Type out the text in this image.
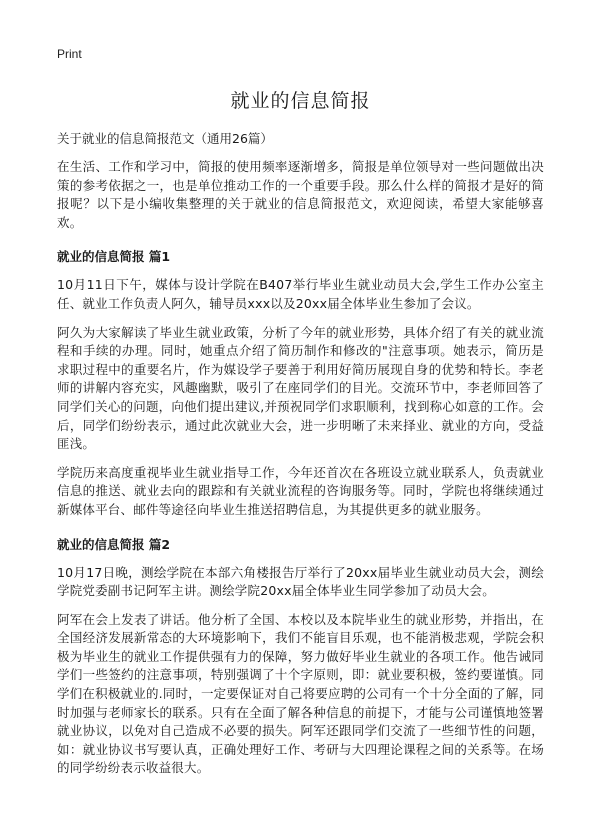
Print
就业的信息简报
关于就业的信息简报范文（通用26篇）

在生活、工作和学习中，简报的使用频率逐渐增多，简报是单位领导对一些问题做出决策的参考依据之一，也是单位推动工作的一个重要手段。那么什么样的简报才是好的简报呢？以下是小编收集整理的关于就业的信息简报范文，欢迎阅读，希望大家能够喜欢。

就业的信息简报 篇1

10月11日下午，媒体与设计学院在B407举行毕业生就业动员大会,学生工作办公室主任、就业工作负责人阿久，辅导员xxx以及20xx届全体毕业生参加了会议。

阿久为大家解读了毕业生就业政策，分析了今年的就业形势，具体介绍了有关的就业流程和手续的办理。同时，她重点介绍了简历制作和修改的"注意事项。她表示，简历是求职过程中的重要名片，作为媒设学子要善于利用好简历展现自身的优势和特长。李老师的讲解内容充实，风趣幽默，吸引了在座同学们的目光。交流环节中，李老师回答了同学们关心的问题，向他们提出建议,并预祝同学们求职顺利，找到称心如意的工作。会后，同学们纷纷表示，通过此次就业大会，进一步明晰了未来择业、就业的方向，受益匪浅。

学院历来高度重视毕业生就业指导工作，今年还首次在各班设立就业联系人，负责就业信息的推送、就业去向的跟踪和有关就业流程的咨询服务等。同时，学院也将继续通过新媒体平台、邮件等途径向毕业生推送招聘信息，为其提供更多的就业服务。

就业的信息简报 篇2

10月17日晚，测绘学院在本部六角楼报告厅举行了20xx届毕业生就业动员大会，测绘学院党委副书记阿军主讲。测绘学院20xx届全体毕业生同学参加了动员大会。

阿军在会上发表了讲话。他分析了全国、本校以及本院毕业生的就业形势，并指出，在全国经济发展新常态的大环境影响下，我们不能盲目乐观，也不能消极悲观，学院会积极为毕业生的就业工作提供强有力的保障，努力做好毕业生就业的各项工作。他告诫同学们一些签约的注意事项，特别强调了十个字原则，即：就业要积极，签约要谨慎。同学们在积极就业的.同时，一定要保证对自己将要应聘的公司有一个十分全面的了解，同时加强与老师家长的联系。只有在全面了解各种信息的前提下，才能与公司谨慎地签署就业协议，以免对自己造成不必要的损失。阿军还跟同学们交流了一些细节性的问题，如：就业协议书写要认真，正确处理好工作、考研与大四理论课程之间的关系等。在场的同学纷纷表示收益很大。
